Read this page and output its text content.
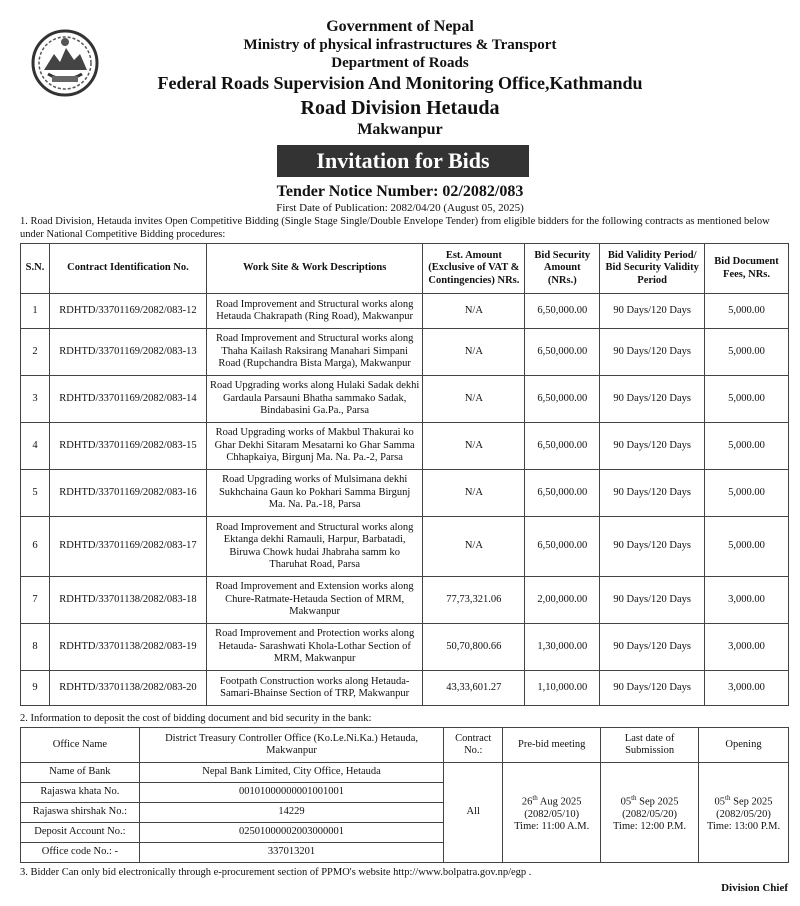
Government of Nepal
Ministry of physical infrastructures & Transport
Department of Roads
Federal Roads Supervision And Monitoring Office,Kathmandu
Road Division Hetauda
Makwanpur
Invitation for Bids
Tender Notice Number: 02/2082/083
First Date of Publication: 2082/04/20 (August 05, 2025)
1. Road Division, Hetauda invites Open Competitive Bidding (Single Stage Single/Double Envelope Tender) from eligible bidders for the following contracts as mentioned below under National Competitive Bidding procedures:
S.N.	Contract Identification No.	Work Site & Work Descriptions	Est. Amount (Exclusive of VAT & Contingencies) NRs.	Bid Security Amount (NRs.)	Bid Validity Period/ Bid Security Validity Period	Bid Document Fees, NRs.
1	RDHTD/33701169/2082/083-12	Road Improvement and Structural works along Hetauda Chakrapath (Ring Road), Makwanpur	N/A	6,50,000.00	90 Days/120 Days	5,000.00
2	RDHTD/33701169/2082/083-13	Road Improvement and Structural works along Thaha Kailash Raksirang Manahari Simpani Road (Rupchandra Bista Marga), Makwanpur	N/A	6,50,000.00	90 Days/120 Days	5,000.00
3	RDHTD/33701169/2082/083-14	Road Upgrading works along Hulaki Sadak dekhi Gardaula Parsauni Bhatha sammako Sadak, Bindabasini Ga.Pa., Parsa	N/A	6,50,000.00	90 Days/120 Days	5,000.00
4	RDHTD/33701169/2082/083-15	Road Upgrading works of Makbul Thakurai ko Ghar Dekhi Sitaram Mesatarni ko Ghar Samma Chhapkaiya, Birgunj Ma. Na. Pa.-2, Parsa	N/A	6,50,000.00	90 Days/120 Days	5,000.00
5	RDHTD/33701169/2082/083-16	Road Upgrading works of Mulsimana dekhi Sukhchaina Gaun ko Pokhari Samma Birgunj Ma. Na. Pa.-18, Parsa	N/A	6,50,000.00	90 Days/120 Days	5,000.00
6	RDHTD/33701169/2082/083-17	Road Improvement and Structural works along Ektanga dekhi Ramauli, Harpur, Barbatadi, Biruwa Chowk hudai Jhabraha samm ko Tharuhat Road, Parsa	N/A	6,50,000.00	90 Days/120 Days	5,000.00
7	RDHTD/33701138/2082/083-18	Road Improvement and Extension works along Chure-Ratmate-Hetauda Section of MRM, Makwanpur	77,73,321.06	2,00,000.00	90 Days/120 Days	3,000.00
8	RDHTD/33701138/2082/083-19	Road Improvement and Protection works along Hetauda- Sarashwati Khola-Lothar Section of MRM, Makwanpur	50,70,800.66	1,30,000.00	90 Days/120 Days	3,000.00
9	RDHTD/33701138/2082/083-20	Footpath Construction works along Hetauda-Samari-Bhainse Section of TRP, Makwanpur	43,33,601.27	1,10,000.00	90 Days/120 Days	3,000.00
2. Information to deposit the cost of bidding document and bid security in the bank:
Office Name	District Treasury Controller Office (Ko.Le.Ni.Ka.) Hetauda, Makwanpur	Contract No.:	Pre-bid meeting	Last date of Submission	Opening
Name of Bank	Nepal Bank Limited, City Office, Hetauda	All	26th Aug 2025
(2082/05/10)
Time: 11:00 A.M.	05th Sep 2025
(2082/05/20)
Time: 12:00 P.M.	05th Sep 2025
(2082/05/20)
Time: 13:00 P.M.
Rajaswa khata No.	00101000000001001001				
Rajaswa shirshak No.:	14229				
Deposit Account No.:	02501000002003000001				
Office code No.: -	337013201				
3. Bidder Can only bid electronically through e-procurement section of PPMO's website http://www.bolpatra.gov.np/egp .
Division Chief
